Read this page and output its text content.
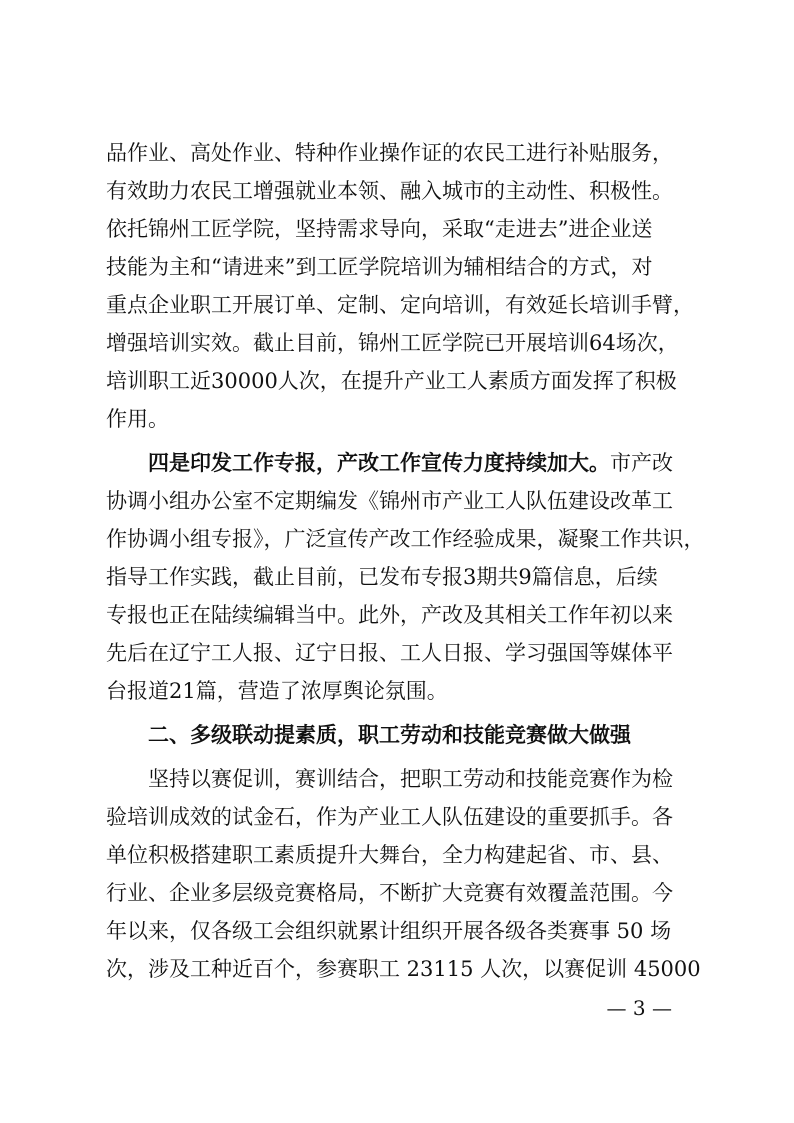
品作业、高处作业、特种作业操作证的农民工进行补贴服务，
有效助力农民工增强就业本领、融入城市的主动性、积极性。
依托锦州工匠学院，坚持需求导向，采取“走进去”进企业送
技能为主和“请进来”到工匠学院培训为辅相结合的方式，对
重点企业职工开展订单、定制、定向培训，有效延长培训手臂，
增强培训实效。截止目前，锦州工匠学院已开展培训64场次，
培训职工近30000人次，在提升产业工人素质方面发挥了积极
作用。
四是印发工作专报，产改工作宣传力度持续加大。市产改
协调小组办公室不定期编发《锦州市产业工人队伍建设改革工
作协调小组专报》，广泛宣传产改工作经验成果，凝聚工作共识，
指导工作实践，截止目前，已发布专报3期共9篇信息，后续
专报也正在陆续编辑当中。此外，产改及其相关工作年初以来
先后在辽宁工人报、辽宁日报、工人日报、学习强国等媒体平
台报道21篇，营造了浓厚舆论氛围。
二、多级联动提素质，职工劳动和技能竞赛做大做强
坚持以赛促训，赛训结合，把职工劳动和技能竞赛作为检
验培训成效的试金石，作为产业工人队伍建设的重要抓手。各
单位积极搭建职工素质提升大舞台，全力构建起省、市、县、
行业、企业多层级竞赛格局，不断扩大竞赛有效覆盖范围。今
年以来，仅各级工会组织就累计组织开展各级各类赛事 50 场
次，涉及工种近百个，参赛职工 23115 人次，以赛促训 45000
— 3 —
